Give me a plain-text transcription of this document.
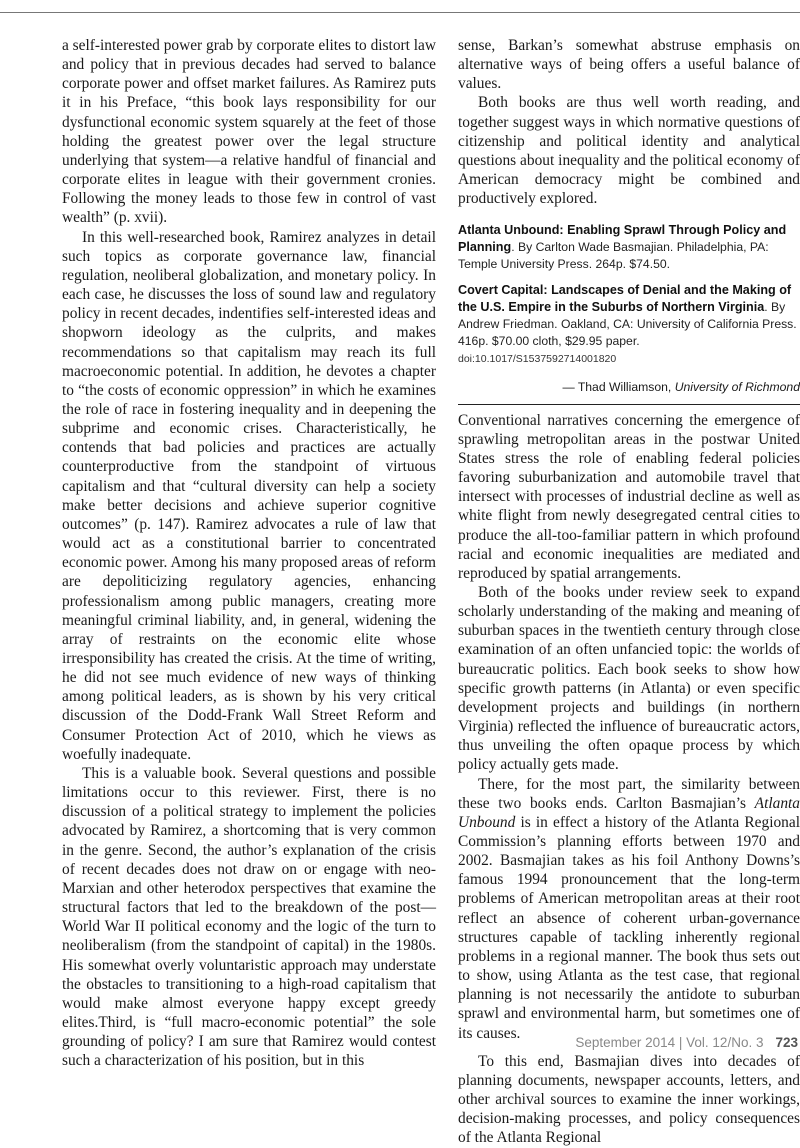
a self-interested power grab by corporate elites to distort law and policy that in previous decades had served to balance corporate power and offset market failures. As Ramirez puts it in his Preface, “this book lays responsibility for our dysfunctional economic system squarely at the feet of those holding the greatest power over the legal structure underlying that system—a relative handful of financial and corporate elites in league with their government cronies. Following the money leads to those few in control of vast wealth” (p. xvii).

In this well-researched book, Ramirez analyzes in detail such topics as corporate governance law, financial regulation, neoliberal globalization, and monetary policy. In each case, he discusses the loss of sound law and regulatory policy in recent decades, indentifies self-interested ideas and shopworn ideology as the culprits, and makes recommendations so that capitalism may reach its full macroeconomic potential. In addition, he devotes a chapter to “the costs of economic oppression” in which he examines the role of race in fostering inequality and in deepening the subprime and economic crises. Characteristically, he contends that bad policies and practices are actually counterproductive from the standpoint of virtuous capitalism and that “cultural diversity can help a society make better decisions and achieve superior cognitive outcomes” (p. 147). Ramirez advocates a rule of law that would act as a constitutional barrier to concentrated economic power. Among his many proposed areas of reform are depoliticizing regulatory agencies, enhancing professionalism among public managers, creating more meaningful criminal liability, and, in general, widening the array of restraints on the economic elite whose irresponsibility has created the crisis. At the time of writing, he did not see much evidence of new ways of thinking among political leaders, as is shown by his very critical discussion of the Dodd-Frank Wall Street Reform and Consumer Protection Act of 2010, which he views as woefully inadequate.

This is a valuable book. Several questions and possible limitations occur to this reviewer. First, there is no discussion of a political strategy to implement the policies advocated by Ramirez, a shortcoming that is very common in the genre. Second, the author’s explanation of the crisis of recent decades does not draw on or engage with neo-Marxian and other heterodox perspectives that examine the structural factors that led to the breakdown of the post—World War II political economy and the logic of the turn to neoliberalism (from the standpoint of capital) in the 1980s. His somewhat overly voluntaristic approach may understate the obstacles to transitioning to a high-road capitalism that would make almost everyone happy except greedy elites.Third, is “full macro-economic potential” the sole grounding of policy? I am sure that Ramirez would contest such a characterization of his position, but in this

sense, Barkan’s somewhat abstruse emphasis on alternative ways of being offers a useful balance of values.

Both books are thus well worth reading, and together suggest ways in which normative questions of citizenship and political identity and analytical questions about inequality and the political economy of American democracy might be combined and productively explored.

Atlanta Unbound: Enabling Sprawl Through Policy and Planning. By Carlton Wade Basmajian. Philadelphia, PA: Temple University Press. 264p. $74.50.

Covert Capital: Landscapes of Denial and the Making of the U.S. Empire in the Suburbs of Northern Virginia. By Andrew Friedman. Oakland, CA: University of California Press. 416p. $70.00 cloth, $29.95 paper.
doi:10.1017/S1537592714001820

— Thad Williamson, University of Richmond

Conventional narratives concerning the emergence of sprawling metropolitan areas in the postwar United States stress the role of enabling federal policies favoring suburbanization and automobile travel that intersect with processes of industrial decline as well as white flight from newly desegregated central cities to produce the all-too-familiar pattern in which profound racial and economic inequalities are mediated and reproduced by spatial arrangements.

Both of the books under review seek to expand scholarly understanding of the making and meaning of suburban spaces in the twentieth century through close examination of an often unfancied topic: the worlds of bureaucratic politics. Each book seeks to show how specific growth patterns (in Atlanta) or even specific development projects and buildings (in northern Virginia) reflected the influence of bureaucratic actors, thus unveiling the often opaque process by which policy actually gets made.

There, for the most part, the similarity between these two books ends. Carlton Basmajian’s Atlanta Unbound is in effect a history of the Atlanta Regional Commission’s planning efforts between 1970 and 2002. Basmajian takes as his foil Anthony Downs’s famous 1994 pronouncement that the long-term problems of American metropolitan areas at their root reflect an absence of coherent urban-governance structures capable of tackling inherently regional problems in a regional manner. The book thus sets out to show, using Atlanta as the test case, that regional planning is not necessarily the antidote to suburban sprawl and environmental harm, but sometimes one of its causes.

To this end, Basmajian dives into decades of planning documents, newspaper accounts, letters, and other archival sources to examine the inner workings, decision-making processes, and policy consequences of the Atlanta Regional

September 2014 | Vol. 12/No. 3 723
